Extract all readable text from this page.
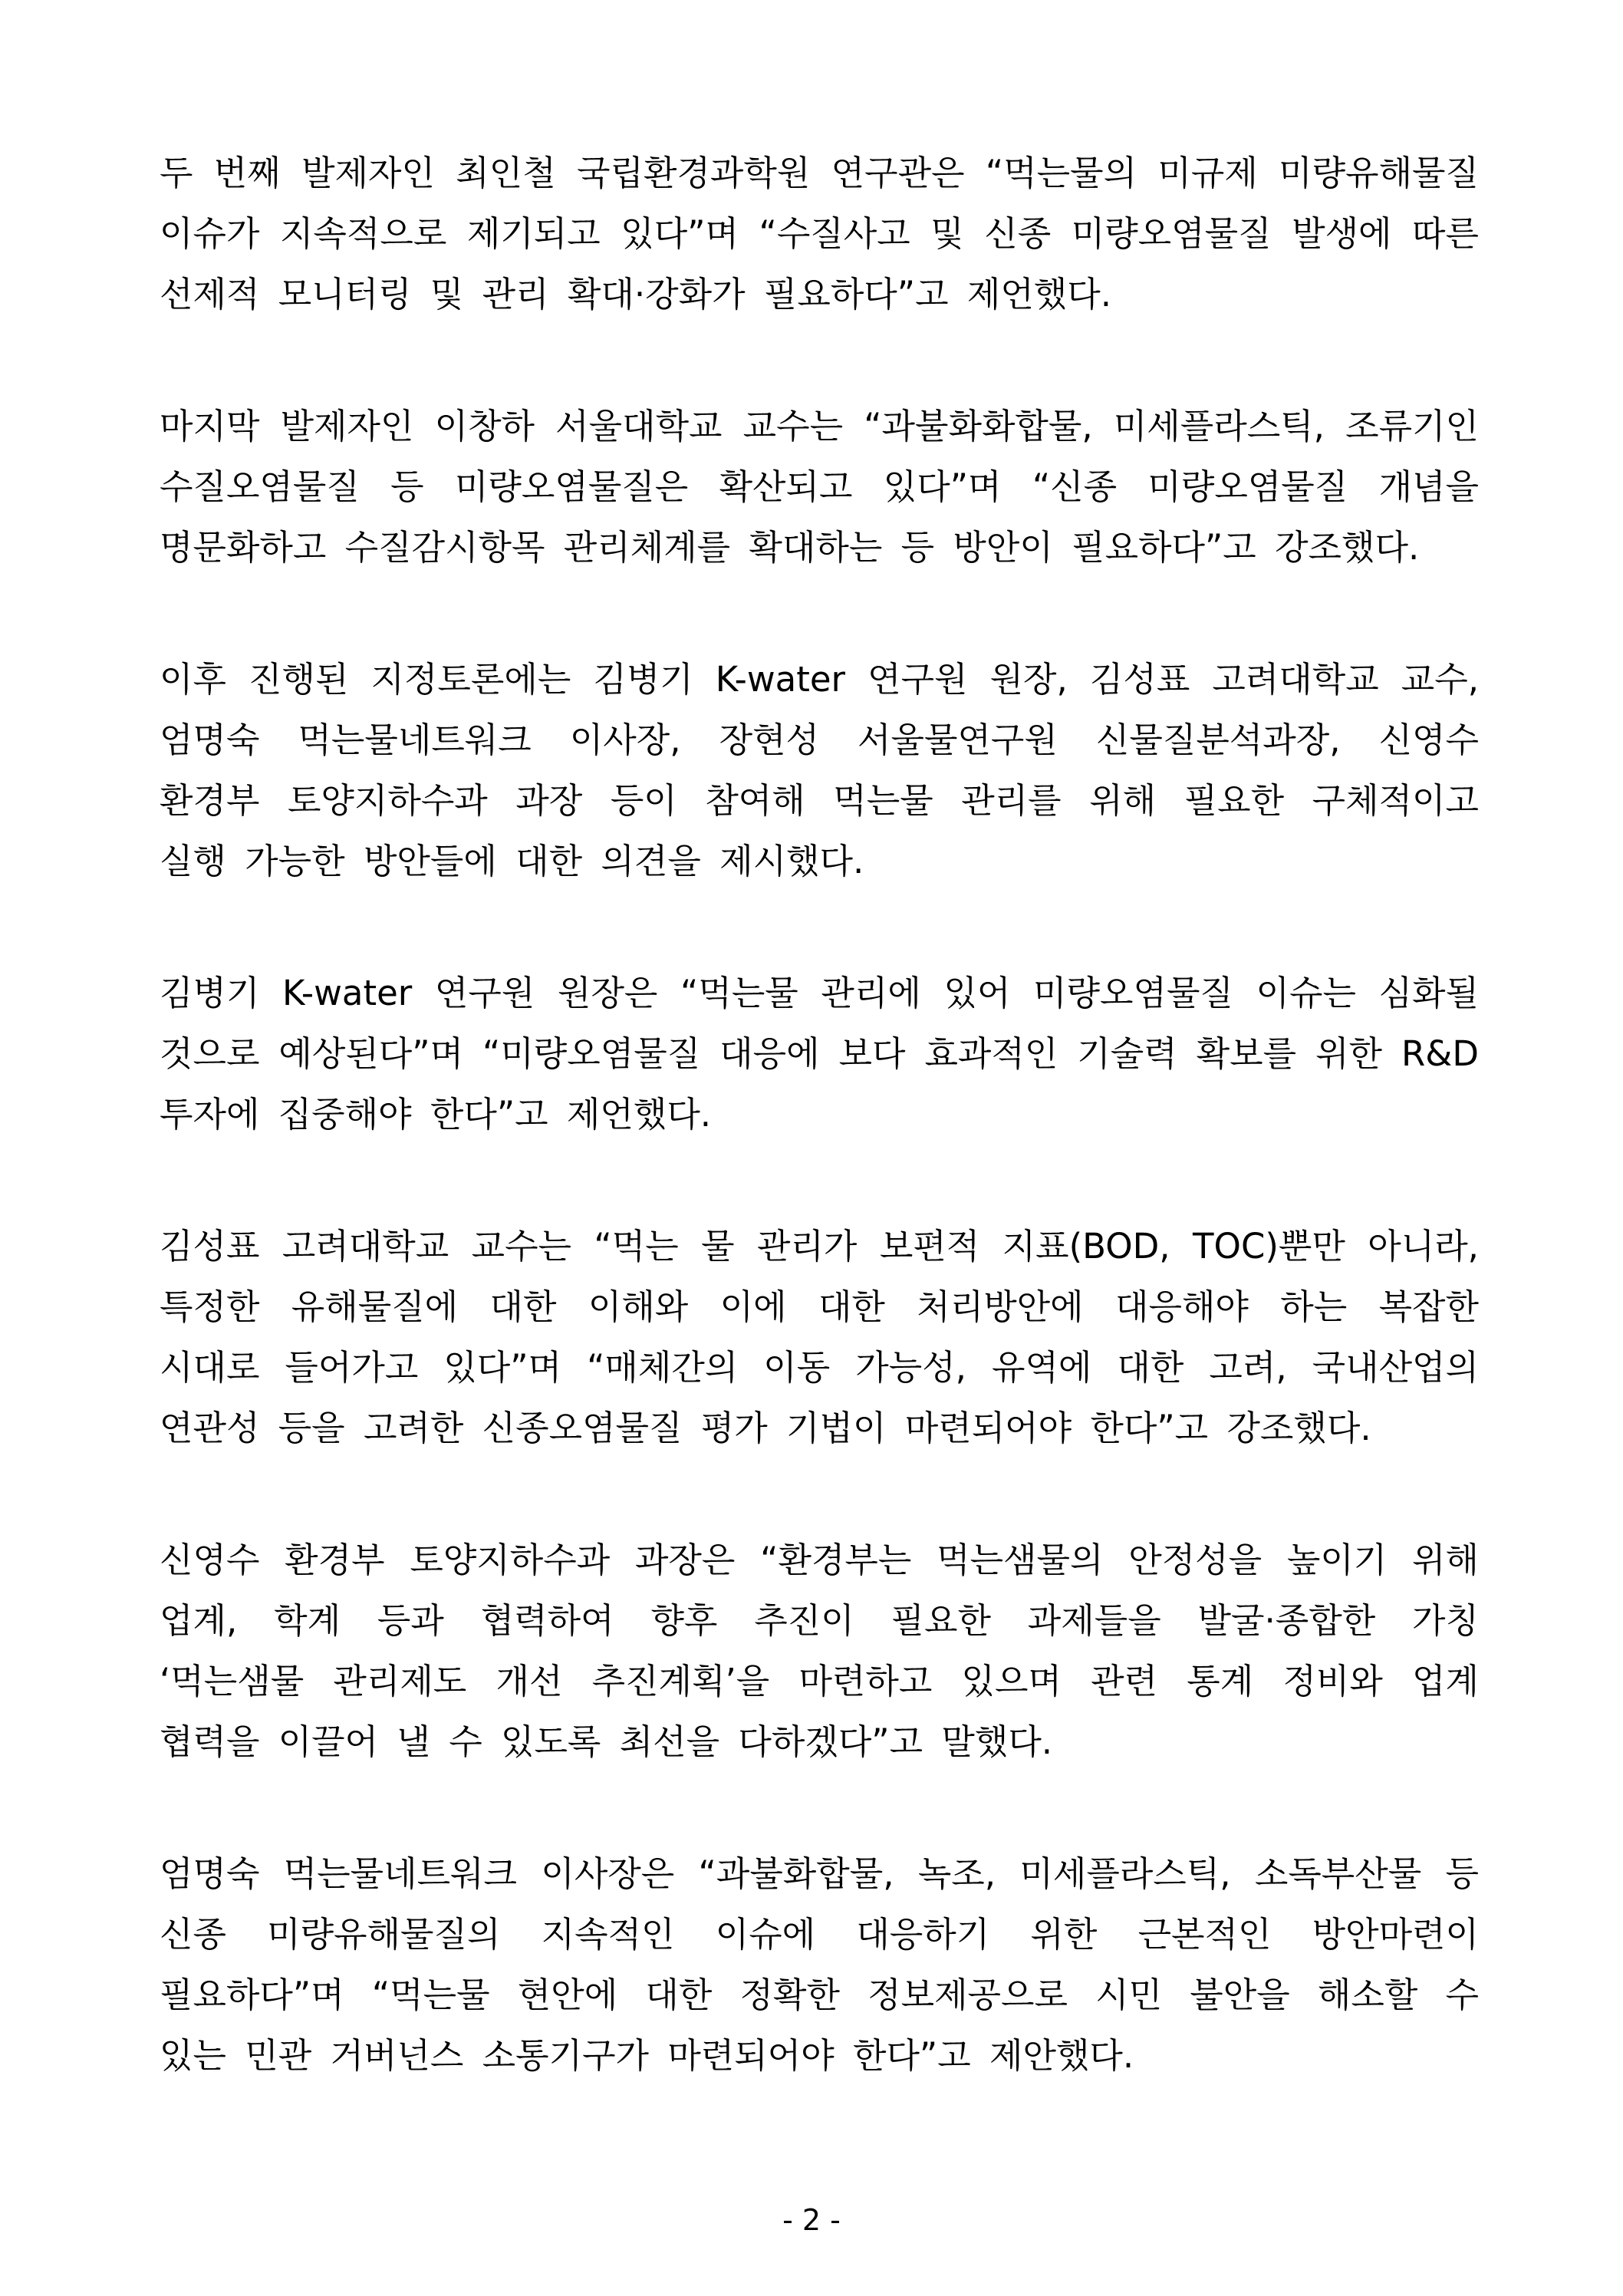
두 번째 발제자인 최인철 국립환경과학원 연구관은 “먹는물의 미규제 미량유해물질 이슈가 지속적으로 제기되고 있다”며 “수질사고 및 신종 미량오염물질 발생에 따른 선제적 모니터링 및 관리 확대·강화가 필요하다”고 제언했다.

마지막 발제자인 이창하 서울대학교 교수는 “과불화화합물, 미세플라스틱, 조류기인 수질오염물질 등 미량오염물질은 확산되고 있다”며 “신종 미량오염물질 개념을 명문화하고 수질감시항목 관리체계를 확대하는 등 방안이 필요하다”고 강조했다.

이후 진행된 지정토론에는 김병기 K-water 연구원 원장, 김성표 고려대학교 교수, 엄명숙 먹는물네트워크 이사장, 장현성 서울물연구원 신물질분석과장, 신영수 환경부 토양지하수과 과장 등이 참여해 먹는물 관리를 위해 필요한 구체적이고 실행 가능한 방안들에 대한 의견을 제시했다.

김병기 K-water 연구원 원장은 “먹는물 관리에 있어 미량오염물질 이슈는 심화될 것으로 예상된다”며 “미량오염물질 대응에 보다 효과적인 기술력 확보를 위한 R&D 투자에 집중해야 한다”고 제언했다.

김성표 고려대학교 교수는 “먹는 물 관리가 보편적 지표(BOD, TOC)뿐만 아니라, 특정한 유해물질에 대한 이해와 이에 대한 처리방안에 대응해야 하는 복잡한 시대로 들어가고 있다”며 “매체간의 이동 가능성, 유역에 대한 고려, 국내산업의 연관성 등을 고려한 신종오염물질 평가 기법이 마련되어야 한다”고 강조했다.

신영수 환경부 토양지하수과 과장은 “환경부는 먹는샘물의 안정성을 높이기 위해 업계, 학계 등과 협력하여 향후 추진이 필요한 과제들을 발굴·종합한 가칭 ‘먹는샘물 관리제도 개선 추진계획’을 마련하고 있으며 관련 통계 정비와 업계 협력을 이끌어 낼 수 있도록 최선을 다하겠다”고 말했다.

엄명숙 먹는물네트워크 이사장은 “과불화합물, 녹조, 미세플라스틱, 소독부산물 등 신종 미량유해물질의 지속적인 이슈에 대응하기 위한 근본적인 방안마련이 필요하다”며 “먹는물 현안에 대한 정확한 정보제공으로 시민 불안을 해소할 수 있는 민관 거버넌스 소통기구가 마련되어야 한다”고 제안했다.

- 2 -
